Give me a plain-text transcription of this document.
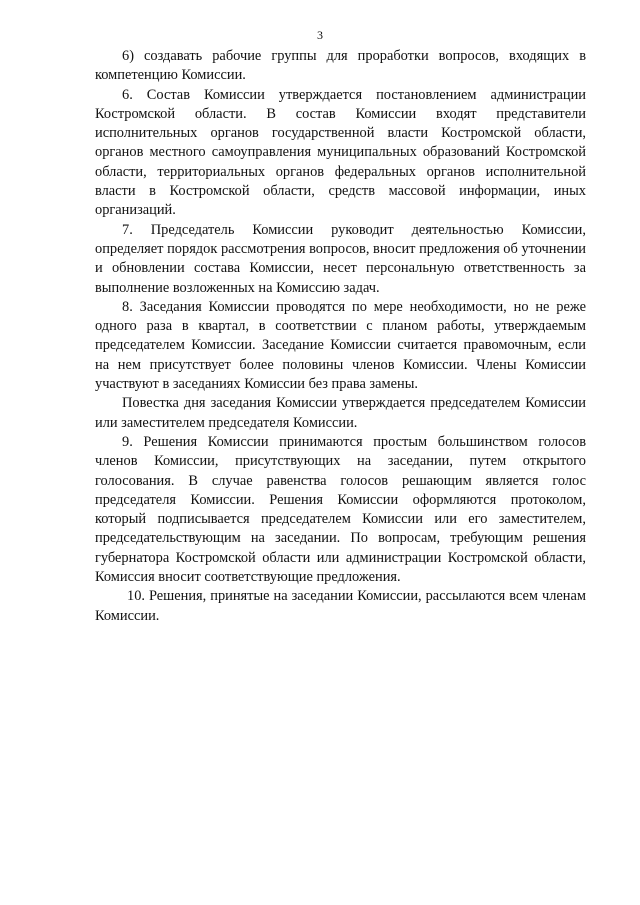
3

6) создавать рабочие группы для проработки вопросов, входящих в компетенцию Комиссии.

6. Состав Комиссии утверждается постановлением администрации Костромской области. В состав Комиссии входят представители исполнительных органов государственной власти Костромской области, органов местного самоуправления муниципальных образований Костромской области, территориальных органов федеральных органов исполнительной власти в Костромской области, средств массовой информации, иных организаций.

7. Председатель Комиссии руководит деятельностью Комиссии, определяет порядок рассмотрения вопросов, вносит предложения об уточнении и обновлении состава Комиссии, несет персональную ответственность за выполнение возложенных на Комиссию задач.

8. Заседания Комиссии проводятся по мере необходимости, но не реже одного раза в квартал, в соответствии с планом работы, утверждаемым председателем Комиссии. Заседание Комиссии считается правомочным, если на нем присутствует более половины членов Комиссии. Члены Комиссии участвуют в заседаниях Комиссии без права замены.

Повестка дня заседания Комиссии утверждается председателем Комиссии или заместителем председателя Комиссии.

9. Решения Комиссии принимаются простым большинством голосов членов Комиссии, присутствующих на заседании, путем открытого голосования. В случае равенства голосов решающим является голос председателя Комиссии. Решения Комиссии оформляются протоколом, который подписывается председателем Комиссии или его заместителем, председательствующим на заседании. По вопросам, требующим решения губернатора Костромской области или администрации Костромской области, Комиссия вносит соответствующие предложения.

10. Решения, принятые на заседании Комиссии, рассылаются всем членам Комиссии.
